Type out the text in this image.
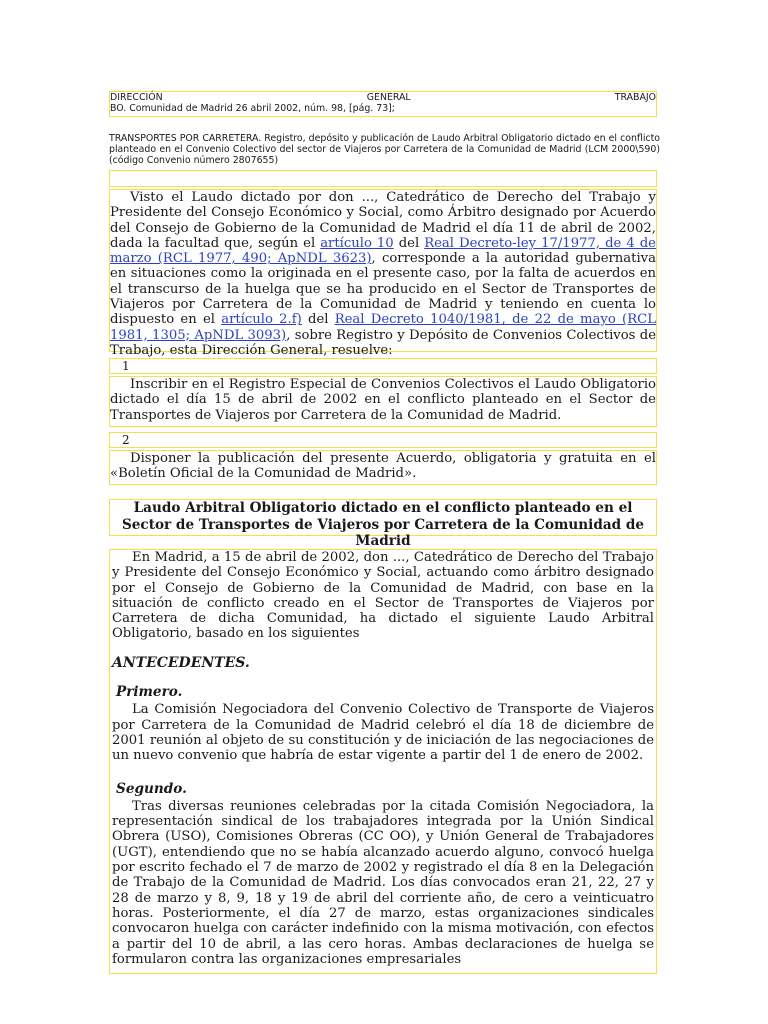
DIRECCIÓN	GENERAL	TRABAJO
BO. Comunidad de Madrid 26 abril 2002, núm. 98, [pág. 73];

TRANSPORTES POR CARRETERA. Registro, depósito y publicación de Laudo Arbitral Obligatorio dictado en el conflicto planteado en el Convenio Colectivo del sector de Viajeros por Carretera de la Comunidad de Madrid (LCM 2000\590) (código Convenio número 2807655)

Visto el Laudo dictado por don ..., Catedrático de Derecho del Trabajo y Presidente del Consejo Económico y Social, como Árbitro designado por Acuerdo del Consejo de Gobierno de la Comunidad de Madrid el día 11 de abril de 2002, dada la facultad que, según el artículo 10 del Real Decreto-ley 17/1977, de 4 de marzo (RCL 1977, 490; ApNDL 3623), corresponde a la autoridad gubernativa en situaciones como la originada en el presente caso, por la falta de acuerdos en el transcurso de la huelga que se ha producido en el Sector de Transportes de Viajeros por Carretera de la Comunidad de Madrid y teniendo en cuenta lo dispuesto en el artículo 2.f) del Real Decreto 1040/1981, de 22 de mayo (RCL 1981, 1305; ApNDL 3093), sobre Registro y Depósito de Convenios Colectivos de Trabajo, esta Dirección General, resuelve:

1

Inscribir en el Registro Especial de Convenios Colectivos el Laudo Obligatorio dictado el día 15 de abril de 2002 en el conflicto planteado en el Sector de Transportes de Viajeros por Carretera de la Comunidad de Madrid.

2

Disponer la publicación del presente Acuerdo, obligatoria y gratuita en el «Boletín Oficial de la Comunidad de Madrid».

Laudo Arbitral Obligatorio dictado en el conflicto planteado en el Sector de Transportes de Viajeros por Carretera de la Comunidad de Madrid

En Madrid, a 15 de abril de 2002, don ..., Catedrático de Derecho del Trabajo y Presidente del Consejo Económico y Social, actuando como árbitro designado por el Consejo de Gobierno de la Comunidad de Madrid, con base en la situación de conflicto creado en el Sector de Transportes de Viajeros por Carretera de dicha Comunidad, ha dictado el siguiente Laudo Arbitral Obligatorio, basado en los siguientes

ANTECEDENTES.

Primero.

La Comisión Negociadora del Convenio Colectivo de Transporte de Viajeros por Carretera de la Comunidad de Madrid celebró el día 18 de diciembre de 2001 reunión al objeto de su constitución y de iniciación de las negociaciones de un nuevo convenio que habría de estar vigente a partir del 1 de enero de 2002.

Segundo.

Tras diversas reuniones celebradas por la citada Comisión Negociadora, la representación sindical de los trabajadores integrada por la Unión Sindical Obrera (USO), Comisiones Obreras (CC OO), y Unión General de Trabajadores (UGT), entendiendo que no se había alcanzado acuerdo alguno, convocó huelga por escrito fechado el 7 de marzo de 2002 y registrado el día 8 en la Delegación de Trabajo de la Comunidad de Madrid. Los días convocados eran 21, 22, 27 y 28 de marzo y 8, 9, 18 y 19 de abril del corriente año, de cero a veinticuatro horas. Posteriormente, el día 27 de marzo, estas organizaciones sindicales convocaron huelga con carácter indefinido con la misma motivación, con efectos a partir del 10 de abril, a las cero horas. Ambas declaraciones de huelga se formularon contra las organizaciones empresariales
